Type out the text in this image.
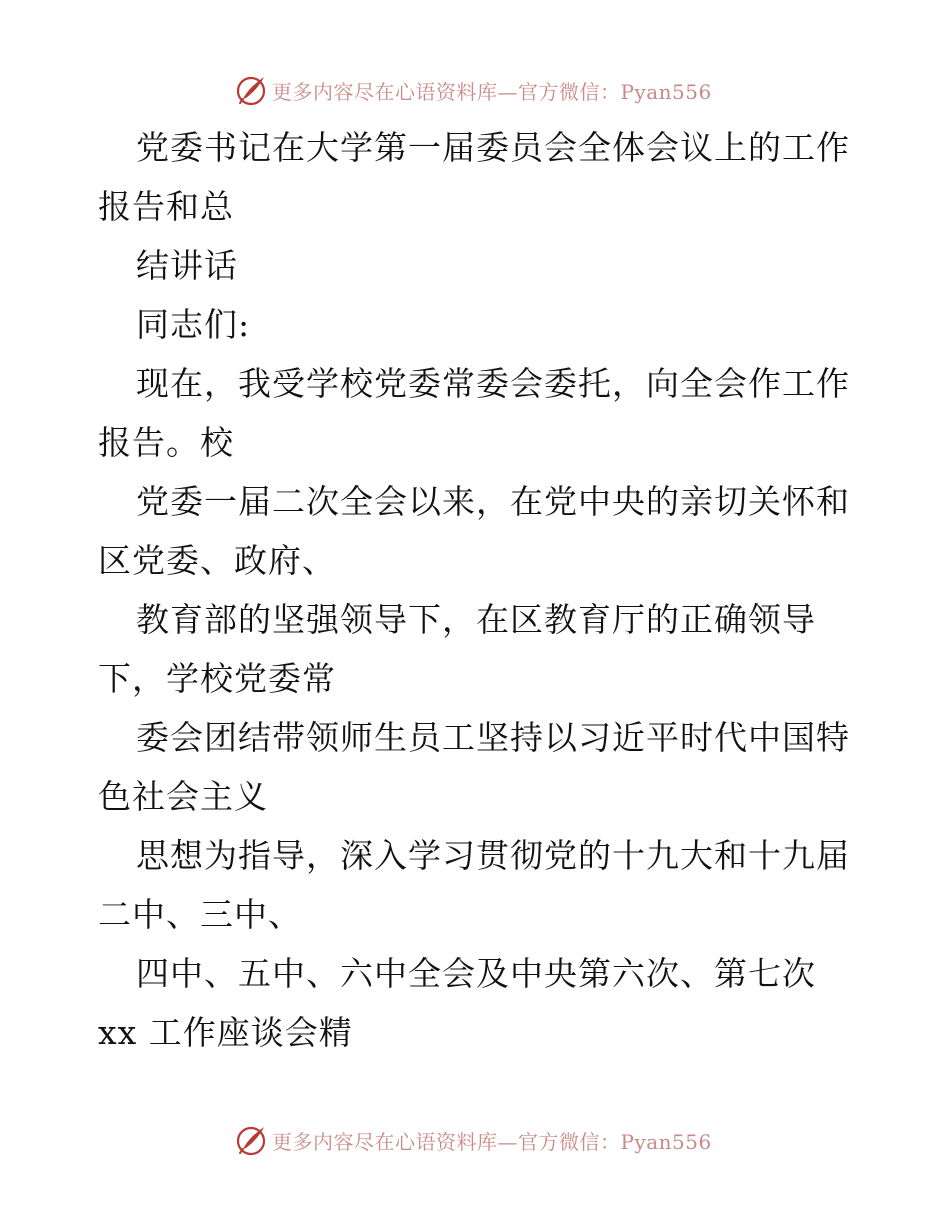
更多内容尽在心语资料库—官方微信：Pyan556
党委书记在大学第一届委员会全体会议上的工作
报告和总
结讲话
同志们:
现在，我受学校党委常委会委托，向全会作工作
报告。校
党委一届二次全会以来，在党中央的亲切关怀和
区党委、政府、
教育部的坚强领导下，在区教育厅的正确领导
下，学校党委常
委会团结带领师生员工坚持以习近平时代中国特
色社会主义
思想为指导，深入学习贯彻党的十九大和十九届
二中、三中、
四中、五中、六中全会及中央第六次、第七次
xx 工作座谈会精
更多内容尽在心语资料库—官方微信：Pyan556
